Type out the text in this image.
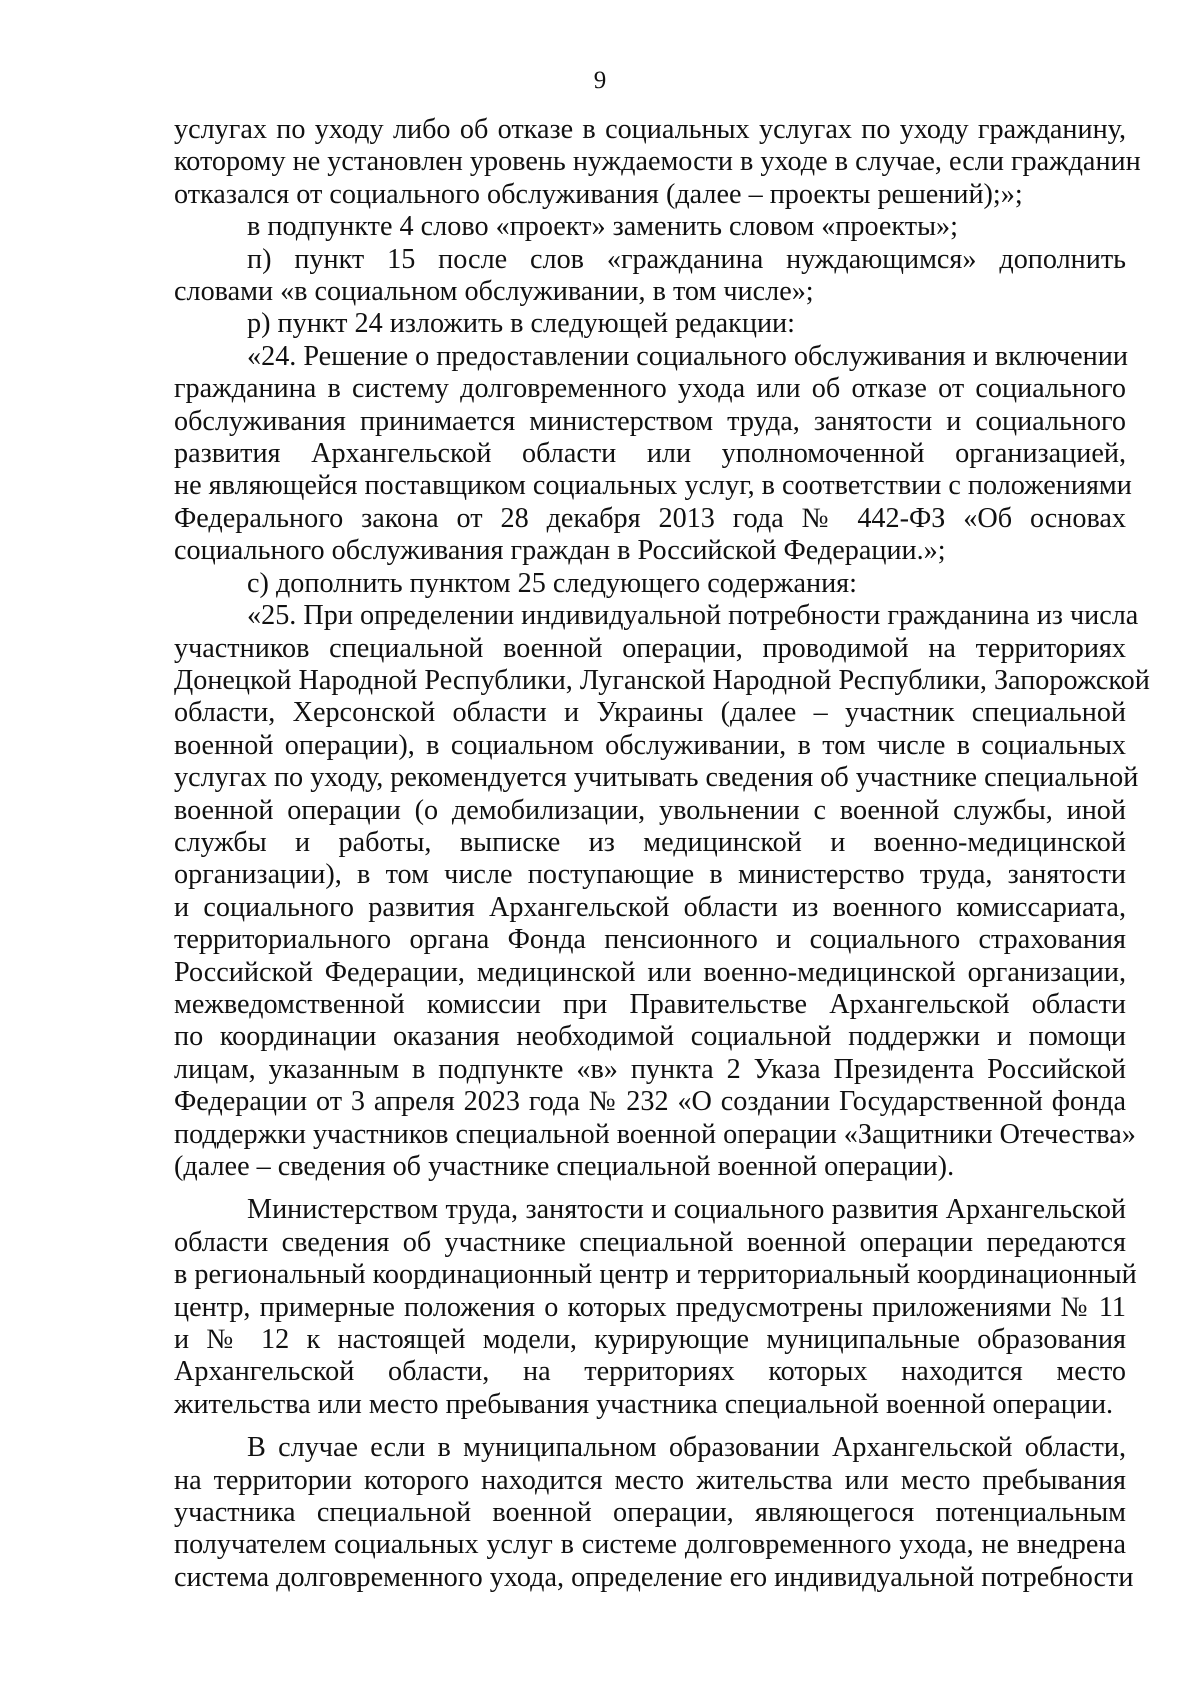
9
услугах по уходу либо об отказе в социальных услугах по уходу гражданину,
которому не установлен уровень нуждаемости в уходе в случае, если гражданин
отказался от социального обслуживания (далее – проекты решений);»;
в подпункте 4 слово «проект» заменить словом «проекты»;
п) пункт 15 после слов «гражданина нуждающимся» дополнить
словами «в социальном обслуживании, в том числе»;
р) пункт 24 изложить в следующей редакции:
«24. Решение о предоставлении социального обслуживания и включении
гражданина в систему долговременного ухода или об отказе от социального
обслуживания принимается министерством труда, занятости и социального
развития Архангельской области или уполномоченной организацией,
не являющейся поставщиком социальных услуг, в соответствии с положениями
Федерального закона от 28 декабря 2013 года № 442-ФЗ «Об основах
социального обслуживания граждан в Российской Федерации.»;
с) дополнить пунктом 25 следующего содержания:
«25. При определении индивидуальной потребности гражданина из числа
участников специальной военной операции, проводимой на территориях
Донецкой Народной Республики, Луганской Народной Республики, Запорожской
области, Херсонской области и Украины (далее – участник специальной
военной операции), в социальном обслуживании, в том числе в социальных
услугах по уходу, рекомендуется учитывать сведения об участнике специальной
военной операции (о демобилизации, увольнении с военной службы, иной
службы и работы, выписке из медицинской и военно-медицинской
организации), в том числе поступающие в министерство труда, занятости
и социального развития Архангельской области из военного комиссариата,
территориального органа Фонда пенсионного и социального страхования
Российской Федерации, медицинской или военно-медицинской организации,
межведомственной комиссии при Правительстве Архангельской области
по координации оказания необходимой социальной поддержки и помощи
лицам, указанным в подпункте «в» пункта 2 Указа Президента Российской
Федерации от 3 апреля 2023 года № 232 «О создании Государственной фонда
поддержки участников специальной военной операции «Защитники Отечества»
(далее – сведения об участнике специальной военной операции).
Министерством труда, занятости и социального развития Архангельской
области сведения об участнике специальной военной операции передаются
в региональный координационный центр и территориальный координационный
центр, примерные положения о которых предусмотрены приложениями № 11
и № 12 к настоящей модели, курирующие муниципальные образования
Архангельской области, на территориях которых находится место
жительства или место пребывания участника специальной военной операции.
В случае если в муниципальном образовании Архангельской области,
на территории которого находится место жительства или место пребывания
участника специальной военной операции, являющегося потенциальным
получателем социальных услуг в системе долговременного ухода, не внедрена
система долговременного ухода, определение его индивидуальной потребности
